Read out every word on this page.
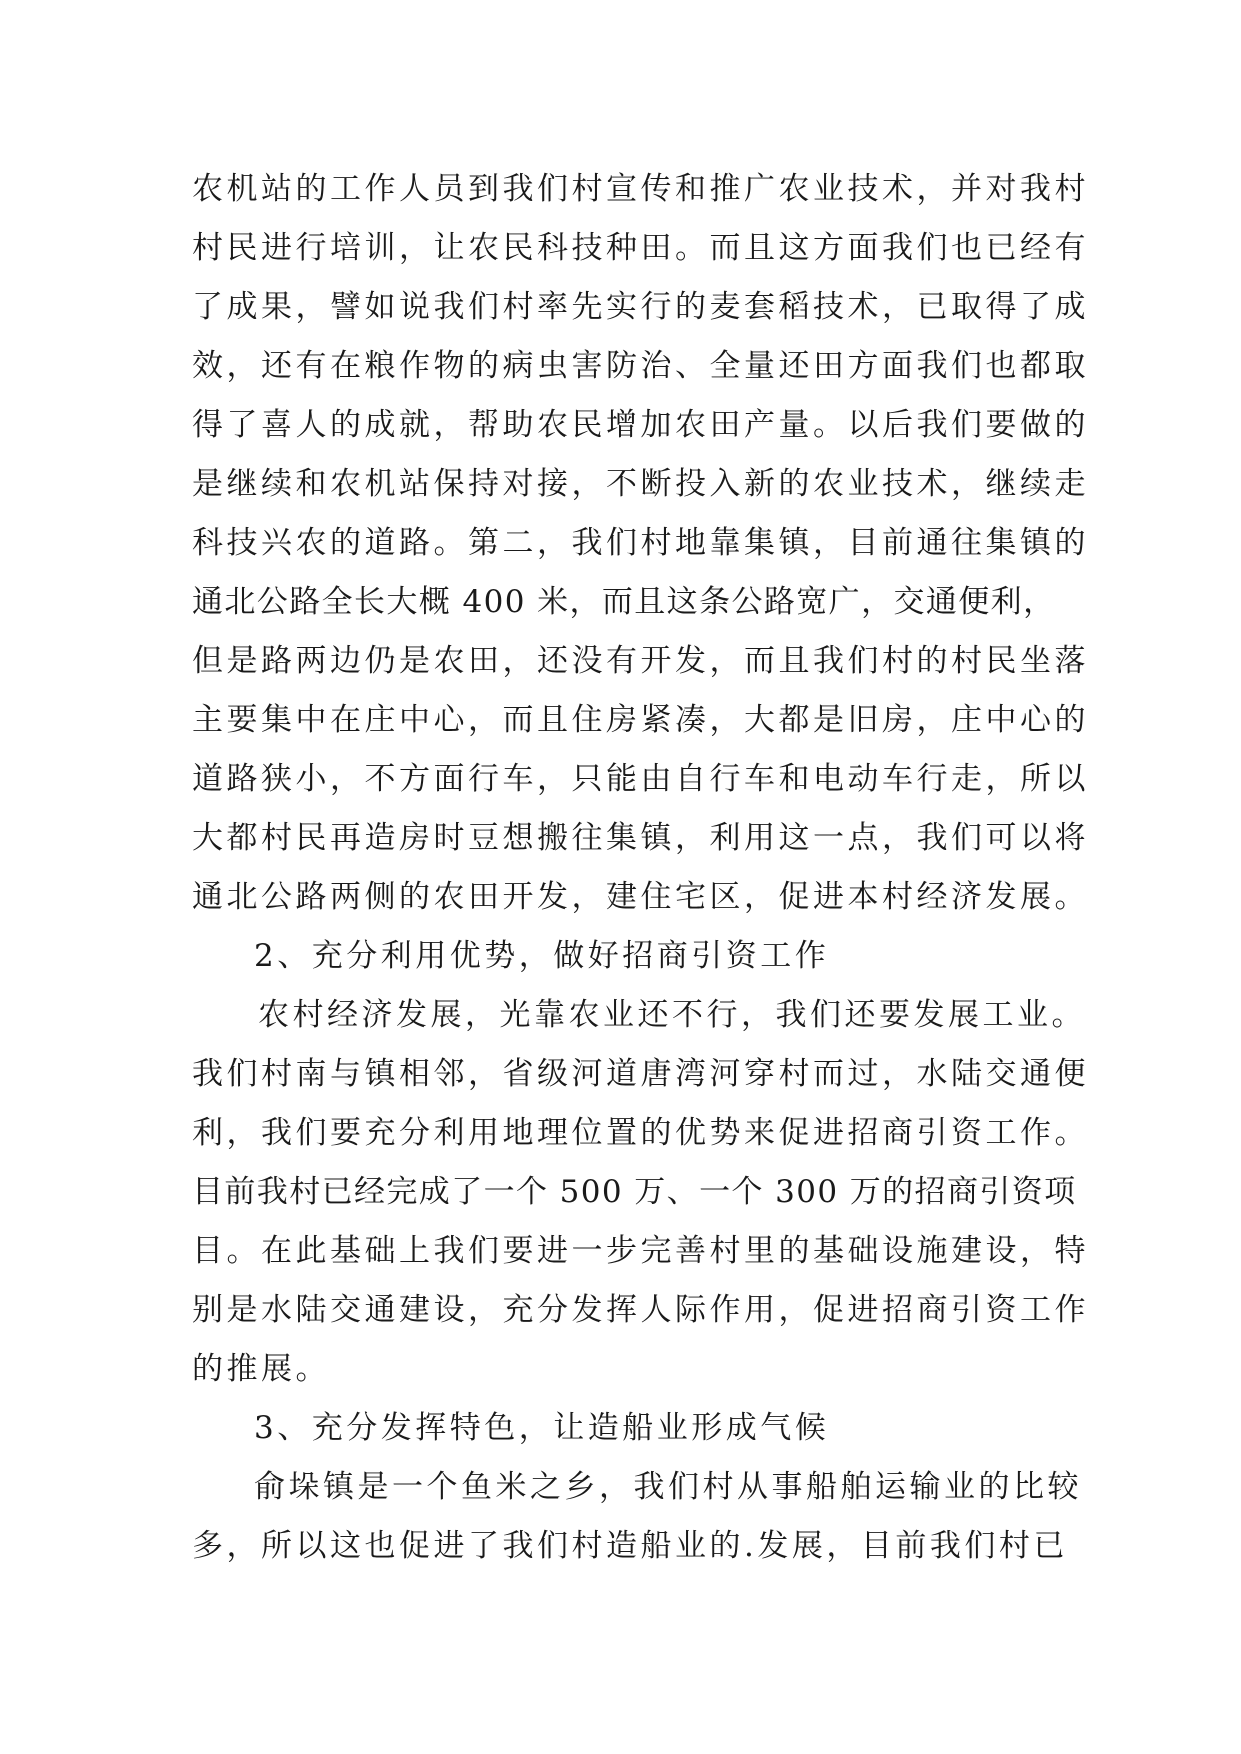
农机站的工作人员到我们村宣传和推广农业技术，并对我村
村民进行培训，让农民科技种田。而且这方面我们也已经有
了成果，譬如说我们村率先实行的麦套稻技术，已取得了成
效，还有在粮作物的病虫害防治、全量还田方面我们也都取
得了喜人的成就，帮助农民增加农田产量。以后我们要做的
是继续和农机站保持对接，不断投入新的农业技术，继续走
科技兴农的道路。第二，我们村地靠集镇，目前通往集镇的
通北公路全长大概 400 米，而且这条公路宽广，交通便利，
但是路两边仍是农田，还没有开发，而且我们村的村民坐落
主要集中在庄中心，而且住房紧凑，大都是旧房，庄中心的
道路狭小，不方面行车，只能由自行车和电动车行走，所以
大都村民再造房时豆想搬往集镇，利用这一点，我们可以将
通北公路两侧的农田开发，建住宅区，促进本村经济发展。
2、充分利用优势，做好招商引资工作
农村经济发展，光靠农业还不行，我们还要发展工业。
我们村南与镇相邻，省级河道唐湾河穿村而过，水陆交通便
利，我们要充分利用地理位置的优势来促进招商引资工作。
目前我村已经完成了一个 500 万、一个 300 万的招商引资项
目。在此基础上我们要进一步完善村里的基础设施建设，特
别是水陆交通建设，充分发挥人际作用，促进招商引资工作
的推展。
3、充分发挥特色，让造船业形成气候
俞垛镇是一个鱼米之乡，我们村从事船舶运输业的比较
多，所以这也促进了我们村造船业的.发展，目前我们村已
